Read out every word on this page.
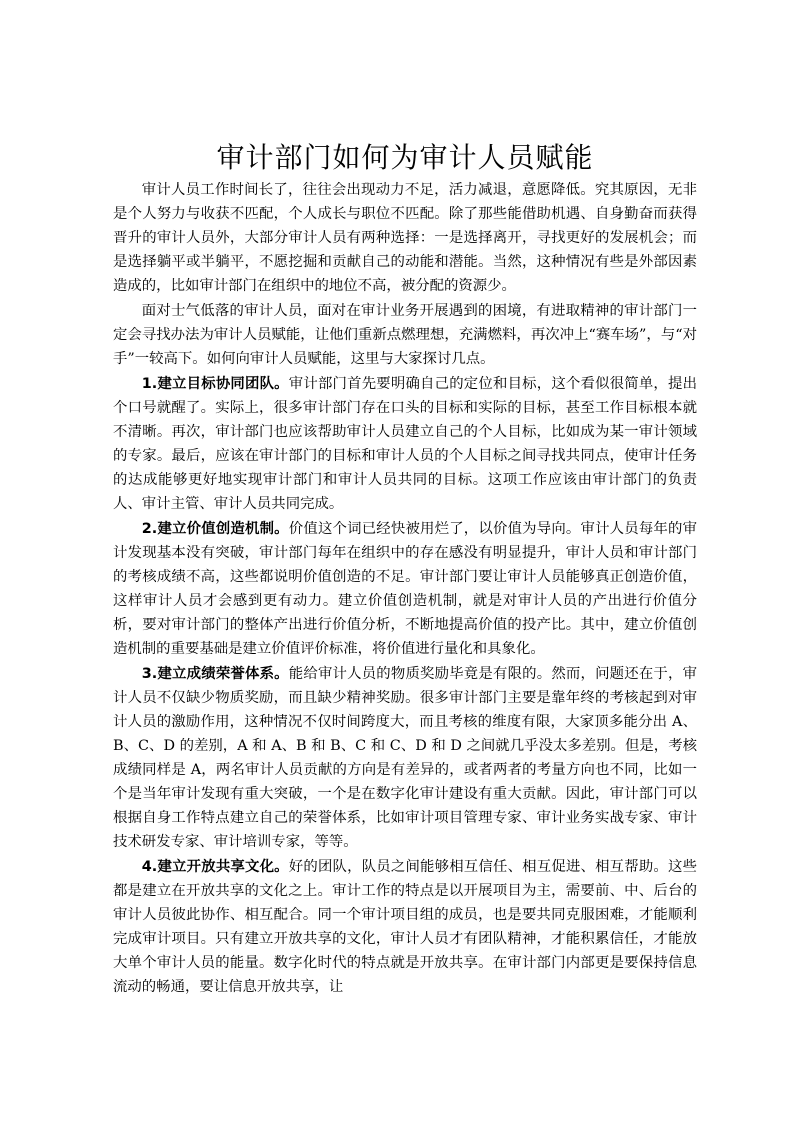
审计部门如何为审计人员赋能

审计人员工作时间长了，往往会出现动力不足，活力减退，意愿降低。究其原因，无非是个人努力与收获不匹配，个人成长与职位不匹配。除了那些能借助机遇、自身勤奋而获得晋升的审计人员外，大部分审计人员有两种选择：一是选择离开，寻找更好的发展机会；而是选择躺平或半躺平，不愿挖掘和贡献自己的动能和潜能。当然，这种情况有些是外部因素造成的，比如审计部门在组织中的地位不高，被分配的资源少。

面对士气低落的审计人员，面对在审计业务开展遇到的困境，有进取精神的审计部门一定会寻找办法为审计人员赋能，让他们重新点燃理想，充满燃料，再次冲上“赛车场”，与“对手”一较高下。如何向审计人员赋能，这里与大家探讨几点。

1.建立目标协同团队。审计部门首先要明确自己的定位和目标，这个看似很简单，提出个口号就醒了。实际上，很多审计部门存在口头的目标和实际的目标，甚至工作目标根本就不清晰。再次，审计部门也应该帮助审计人员建立自己的个人目标，比如成为某一审计领域的专家。最后，应该在审计部门的目标和审计人员的个人目标之间寻找共同点，使审计任务的达成能够更好地实现审计部门和审计人员共同的目标。这项工作应该由审计部门的负责人、审计主管、审计人员共同完成。

2.建立价值创造机制。价值这个词已经快被用烂了，以价值为导向。审计人员每年的审计发现基本没有突破，审计部门每年在组织中的存在感没有明显提升，审计人员和审计部门的考核成绩不高，这些都说明价值创造的不足。审计部门要让审计人员能够真正创造价值，这样审计人员才会感到更有动力。建立价值创造机制，就是对审计人员的产出进行价值分析，要对审计部门的整体产出进行价值分析，不断地提高价值的投产比。其中，建立价值创造机制的重要基础是建立价值评价标准，将价值进行量化和具象化。

3.建立成绩荣誉体系。能给审计人员的物质奖励毕竟是有限的。然而，问题还在于，审计人员不仅缺少物质奖励，而且缺少精神奖励。很多审计部门主要是靠年终的考核起到对审计人员的激励作用，这种情况不仅时间跨度大，而且考核的维度有限，大家顶多能分出 A、B、C、D 的差别，A 和 A、B 和 B、C 和 C、D 和 D 之间就几乎没太多差别。但是，考核成绩同样是 A，两名审计人员贡献的方向是有差异的，或者两者的考量方向也不同，比如一个是当年审计发现有重大突破，一个是在数字化审计建设有重大贡献。因此，审计部门可以根据自身工作特点建立自己的荣誉体系，比如审计项目管理专家、审计业务实战专家、审计技术研发专家、审计培训专家，等等。

4.建立开放共享文化。好的团队，队员之间能够相互信任、相互促进、相互帮助。这些都是建立在开放共享的文化之上。审计工作的特点是以开展项目为主，需要前、中、后台的审计人员彼此协作、相互配合。同一个审计项目组的成员，也是要共同克服困难，才能顺利完成审计项目。只有建立开放共享的文化，审计人员才有团队精神，才能积累信任，才能放大单个审计人员的能量。数字化时代的特点就是开放共享。在审计部门内部更是要保持信息流动的畅通，要让信息开放共享，让
